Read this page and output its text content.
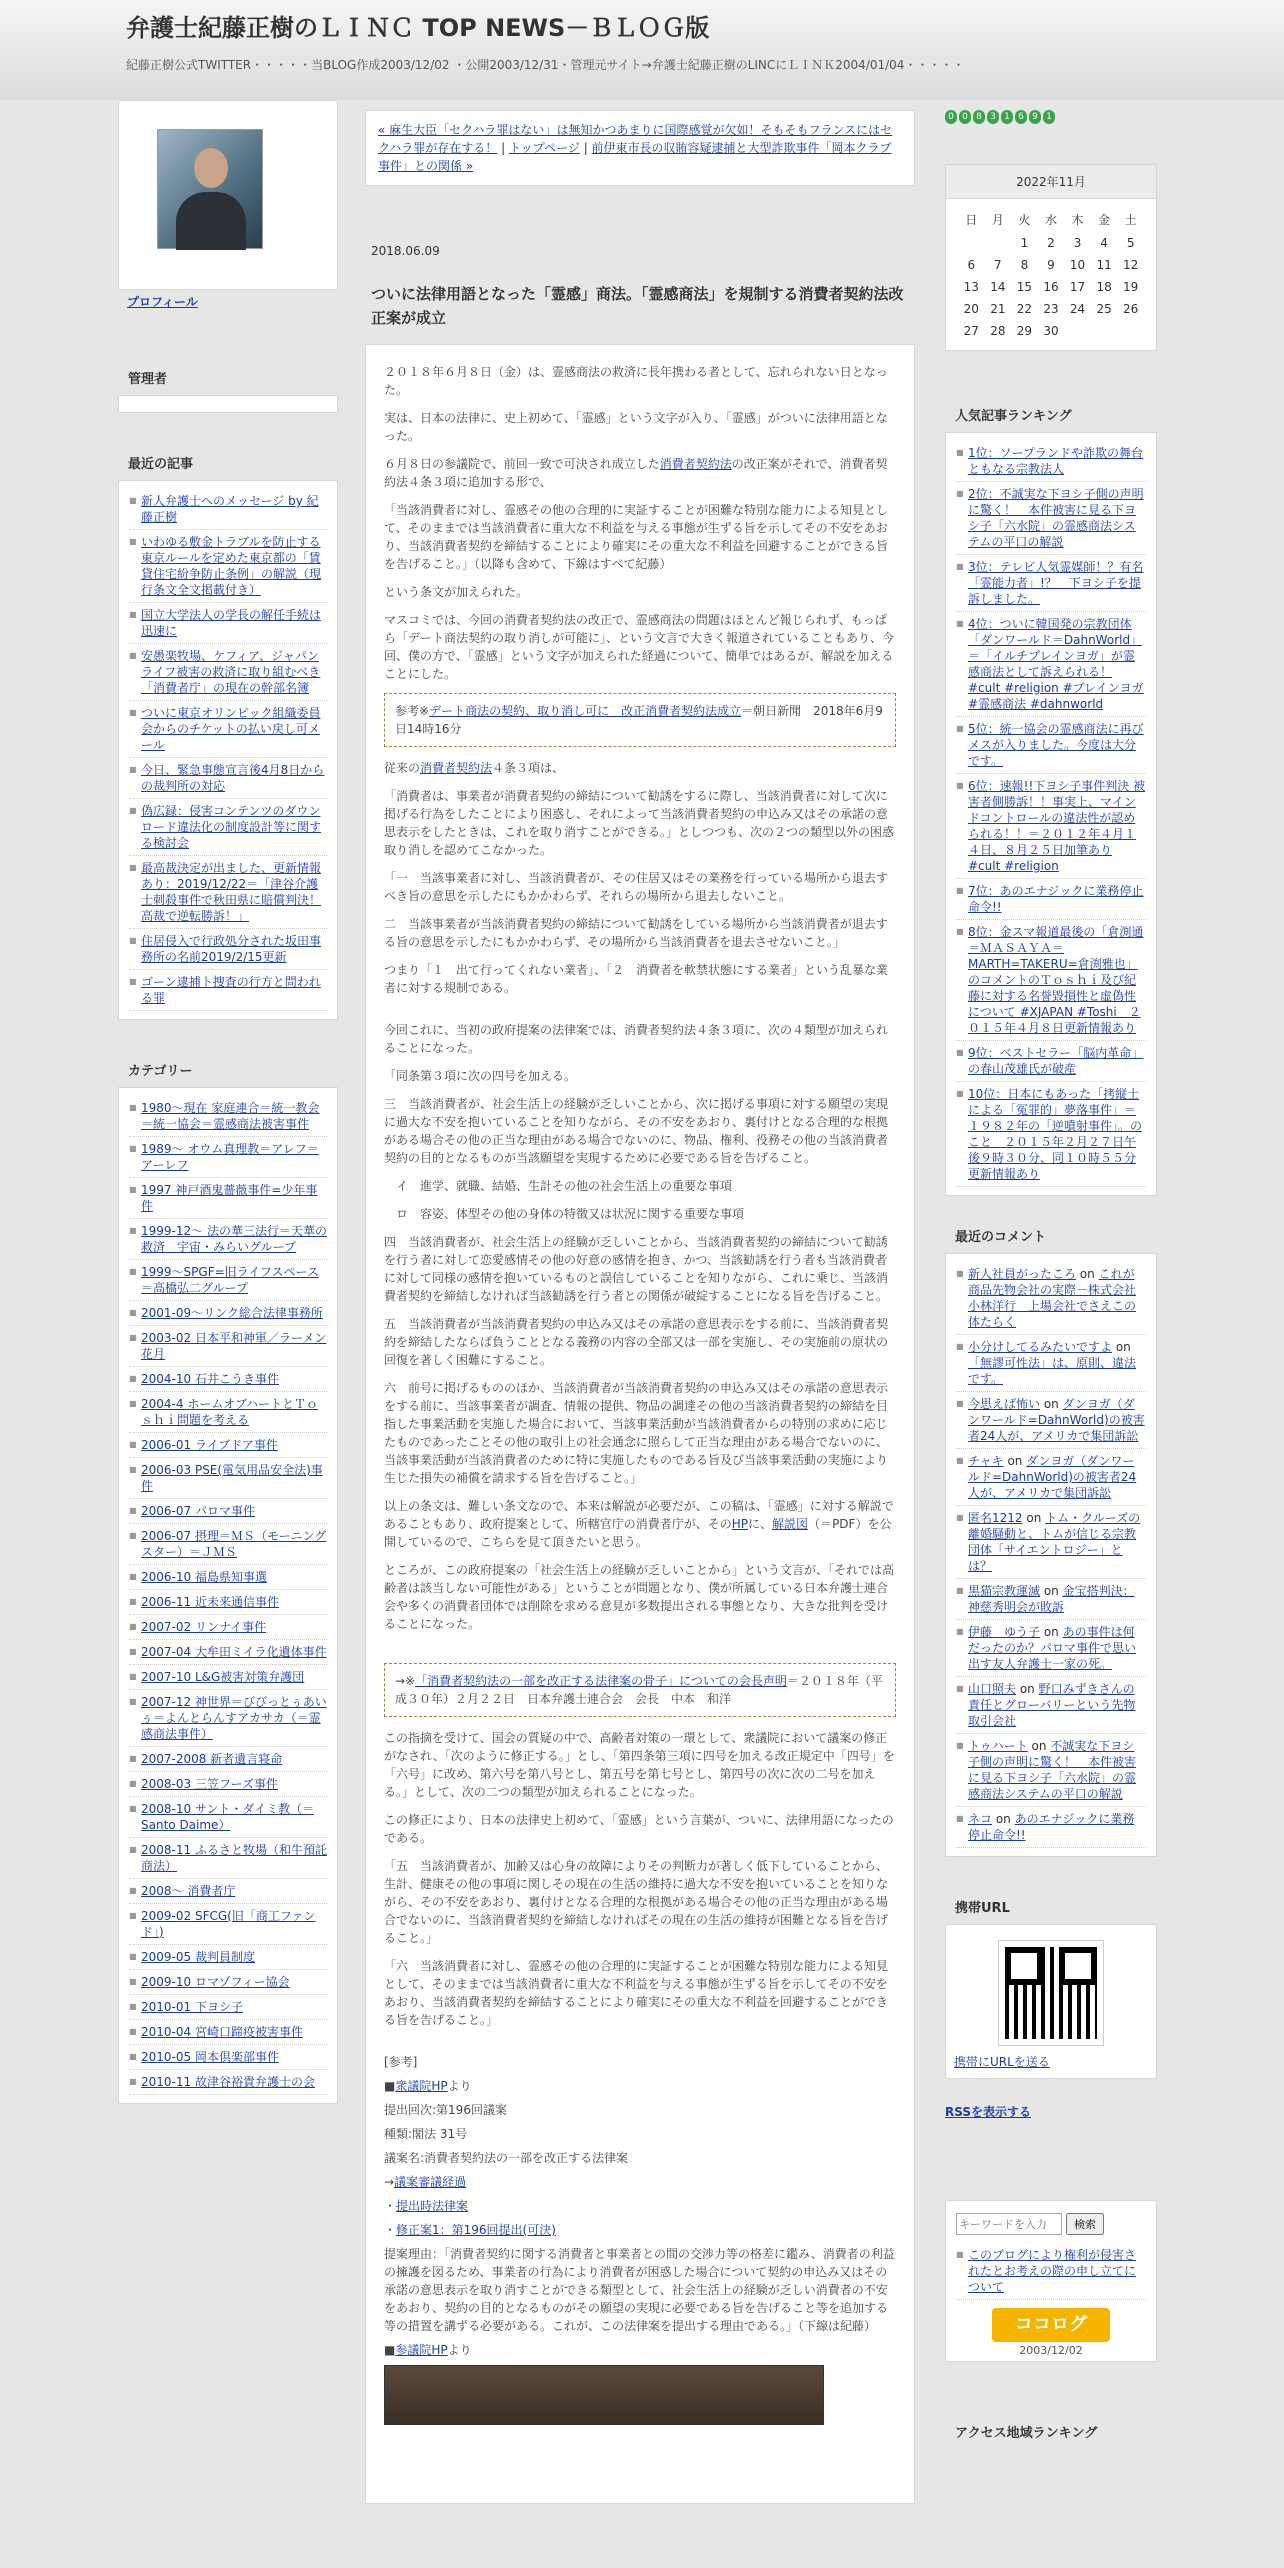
弁護士紀藤正樹のＬＩＮＣ TOP NEWS－ＢＬＯＧ版
紀藤正樹公式TWITTER・・・・・当BLOG作成2003/12/02 ・公開2003/12/31・管理元サイト→弁護士紀藤正樹のLINCにＬＩＮＫ2004/01/04・・・・・
プロフィール
管理者
最近の記事
■ 新人弁護士へのメッセージ by 紀藤正樹
■ いわゆる敷金トラブルを防止する東京ルールを定めた東京都の「賃貸住宅紛争防止条例」の解説（現行条文全文掲載付き）
■ 国立大学法人の学長の解任手続は迅速に
■ 安愚楽牧場、ケフィア、ジャパンライフ被害の救済に取り組むべき「消費者庁」の現在の幹部名簿
■ ついに東京オリンピック組織委員会からのチケットの払い戻し可メール
■ 今日、緊急事態宣言後4月8日からの裁判所の対応
■ 偽広録：侵害コンテンツのダウンロード違法化の制度設計等に関する検討会
■ 最高裁決定が出ました、更新情報あり：2019/12/22＝「津谷介護士刺殺事件で秋田県に賠償判決！高裁で逆転勝訴！」
■ 住居侵入で行政処分された坂田事務所の名前2019/2/15更新
■ ゴーン逮捕ト捜査の行方と問われる罪
カテゴリー
■ 1980～現在 家庭連合＝統一教会＝統一協会＝霊感商法被害事件
■ 1989～ オウム真理教＝アレフ＝アーレフ
■ 1997 神戸酒鬼薔薇事件=少年事件
■ 1999-12～ 法の華三法行＝天華の救済　宇宙・みらいグループ
■ 1999～SPGF=旧ライフスペース＝高橋弘二グループ
■ 2001-09～リンク総合法律事務所
■ 2003-02 日本平和神軍／ラーメン花月
■ 2004-10 石井こうき事件
■ 2004-4 ホームオブハートとＴｏｓｈｉ問題を考える
■ 2006-01 ライブドア事件
■ 2006-03 PSE(電気用品安全法)事件
■ 2006-07 パロマ事件
■ 2006-07 摂理＝ＭＳ（モーニングスター）＝ＪＭＳ
■ 2006-10 福島県知事選
■ 2006-11 近未来通信事件
■ 2007-02 リンナイ事件
■ 2007-04 大牟田ミイラ化遺体事件
■ 2007-10 L&G被害対策弁護団
■ 2007-12 神世界＝びびっとぅあいぅ＝よんとらんすアカサカ（＝霊感商法事件）
■ 2007-2008 新者遺言寝命
■ 2008-03 三笠フーズ事件
■ 2008-10 サント・ダイミ教（＝Santo Daime）
■ 2008-11 ふるさと牧場（和牛預託商法）
■ 2008～ 消費者庁
■ 2009-02 SFCG(旧「商工ファンド」)
■ 2009-05 裁判員制度
■ 2009-10 ロマゾフィー協会
■ 2010-01 下ヨシ子
■ 2010-04 宮崎口蹄疫被害事件
■ 2010-05 岡本倶楽部事件
■ 2010-11 故津谷裕貴弁護士の会
« 麻生大臣「セクハラ罪はない」は無知かつあまりに国際感覚が欠如！そもそもフランスにはセクハラ罪が存在する！ | トップページ | 前伊東市長の収賄容疑逮捕と大型詐欺事件「岡本クラブ事件」との関係 »
2018.06.09
ついに法律用語となった「霊感」商法。「霊感商法」を規制する消費者契約法改正案が成立

２０１８年６月８日（金）は、霊感商法の救済に長年携わる者として、忘れられない日となった。

実は、日本の法律に、史上初めて、「霊感」という文字が入り、「霊感」がついに法律用語となった。

６月８日の参議院で、前回一致で可決され成立した消費者契約法の改正案がそれで、消費者契約法４条３項に追加する形で、

「当該消費者に対し、霊感その他の合理的に実証することが困難な特別な能力による知見として、そのままでは当該消費者に重大な不利益を与える事態が生ずる旨を示してその不安をあおり、当該消費者契約を締結することにより確実にその重大な不利益を回避することができる旨を告げること。」（以降も含めて、下線はすべて紀藤）

という条文が加えられた。

マスコミでは、今回の消費者契約法の改正で、霊感商法の問題はほとんど報じられず、もっぱら「デート商法契約の取り消しが可能に」、という文言で大きく報道されていることもあり、今回、僕の方で、「霊感」という文字が加えられた経過について、簡単ではあるが、解説を加えることにした。

参考※デート商法の契約、取り消し可に　改正消費者契約法成立＝朝日新聞　2018年6月9日14時16分

従来の消費者契約法４条３項は、

「消費者は、事業者が消費者契約の締結について勧誘をするに際し、当該消費者に対して次に掲げる行為をしたことにより困惑し、それによって当該消費者契約の申込み又はその承諾の意思表示をしたときは、これを取り消すことができる。」としつつも、次の２つの類型以外の困惑取り消しを認めてこなかった。

「一　当該事業者に対し、当該消費者が、その住居又はその業務を行っている場所から退去すべき旨の意思を示したにもかかわらず、それらの場所から退去しないこと。

二　当該事業者が当該消費者契約の締結について勧誘をしている場所から当該消費者が退去する旨の意思を示したにもかかわらず、その場所から当該消費者を退去させないこと。」

つまり「１　出て行ってくれない業者」、「２　消費者を軟禁状態にする業者」という乱暴な業者に対する規制である。

今回これに、当初の政府提案の法律案では、消費者契約法４条３項に、次の４類型が加えられることになった。

「同条第３項に次の四号を加える。

三　当該消費者が、社会生活上の経験が乏しいことから、次に掲げる事項に対する願望の実現に過大な不安を抱いていることを知りながら、その不安をあおり、裏付けとなる合理的な根拠がある場合その他の正当な理由がある場合でないのに、物品、権利、役務その他の当該消費者契約の目的となるものが当該願望を実現するために必要である旨を告げること。

イ　進学、就職、結婚、生計その他の社会生活上の重要な事項

ロ　容姿、体型その他の身体の特徴又は状況に関する重要な事項

四　当該消費者が、社会生活上の経験が乏しいことから、当該消費者契約の締結について勧誘を行う者に対して恋愛感情その他の好意の感情を抱き、かつ、当該勧誘を行う者も当該消費者に対して同様の感情を抱いているものと誤信していることを知りながら、これに乗じ、当該消費者契約を締結しなければ当該勧誘を行う者との関係が破綻することになる旨を告げること。

五　当該消費者が当該消費者契約の申込み又はその承諾の意思表示をする前に、当該消費者契約を締結したならば負うこととなる義務の内容の全部又は一部を実施し、その実施前の原状の回復を著しく困難にすること。

六　前号に掲げるもののほか、当該消費者が当該消費者契約の申込み又はその承諾の意思表示をする前に、当該事業者が調査、情報の提供、物品の調達その他の当該消費者契約の締結を目指した事業活動を実施した場合において、当該事業活動が当該消費者からの特別の求めに応じたものであったことその他の取引上の社会通念に照らして正当な理由がある場合でないのに、当該事業活動が当該消費者のために特に実施したものである旨及び当該事業活動の実施により生じた損失の補償を請求する旨を告げること。」

以上の条文は、難しい条文なので、本来は解説が必要だが、この稿は、「霊感」に対する解説であることもあり、政府提案として、所轄官庁の消費者庁が、そのHPに、解説図（＝PDF）を公開しているので、こちらを見て頂きたいと思う。

ところが、この政府提案の「社会生活上の経験が乏しいことから」という文言が、「それでは高齢者は該当しない可能性がある」ということが問題となり、僕が所属している日本弁護士連合会や多くの消費者団体では削除を求める意見が多数提出される事態となり、大きな批判を受けることになった。

→※「消費者契約法の一部を改正する法律案の骨子」についての会長声明＝２０１８年（平成３０年）２月２２日　日本弁護士連合会　会長　中本　和洋

この指摘を受けて、国会の質疑の中で、高齢者対策の一環として、衆議院において議案の修正がなされ、「次のように修正する。」とし、「第四条第三項に四号を加える改正規定中「四号」を「六号」に改め、第六号を第八号とし、第五号を第七号とし、第四号の次に次の二号を加える。」として、次の二つの類型が加えられることになった。

この修正により、日本の法律史上初めて、「霊感」という言葉が、ついに、法律用語になったのである。

「五　当該消費者が、加齢又は心身の故障によりその判断力が著しく低下していることから、生計、健康その他の事項に関しその現在の生活の維持に過大な不安を抱いていることを知りながら、その不安をあおり、裏付けとなる合理的な根拠がある場合その他の正当な理由がある場合でないのに、当該消費者契約を締結しなければその現在の生活の維持が困難となる旨を告げること。」

「六　当該消費者に対し、霊感その他の合理的に実証することが困難な特別な能力による知見として、そのままでは当該消費者に重大な不利益を与える事態が生ずる旨を示してその不安をあおり、当該消費者契約を締結することにより確実にその重大な不利益を回避することができる旨を告げること。」

[参考]

■衆議院HPより

提出回次:第196回議案

種類:閣法 31号

議案名:消費者契約法の一部を改正する法律案

→議案審議経過

・提出時法律案

・修正案1：第196回提出(可決)

提案理由：「消費者契約に関する消費者と事業者との間の交渉力等の格差に鑑み、消費者の利益の擁護を図るため、事業者の行為により消費者が困惑した場合について契約の申込み又はその承諾の意思表示を取り消すことができる類型として、社会生活上の経験が乏しい消費者の不安をあおり、契約の目的となるものがその願望の実現に必要である旨を告げること等を追加する等の措置を講ずる必要がある。これが、この法律案を提出する理由である。」（下線は紀藤）

■参議院HPより

0 0 8 3 1 6 9 1
2022年11月
日	月	火	水	木	金	土
		1	2	3	4	5
6	7	8	9	10	11	12
13	14	15	16	17	18	19
20	21	22	23	24	25	26
27	28	29	30			
人気記事ランキング
■ 1位：ソープランドや詐欺の舞台ともなる宗教法人
■ 2位：不誠実な下ヨシ子側の声明に驚く！　本件被害に見る下ヨシ子「六水院」の霊感商法システムの平口の解説
■ 3位：テレビ人気霊媒師！？有名「霊能力者」!？　下ヨシ子を提訴しました。
■ 4位：ついに韓国発の宗教団体「ダンワールド＝DahnWorld」＝「イルチブレインヨガ」が霊感商法として訴えられる！ #cult #religion #ブレインヨガ #霊感商法 #dahnworld
■ 5位：統一協会の霊感商法に再びメスが入りました。今度は大分です。
■ 6位：速報!!下ヨシ子事件判決 被害者側勝訴！！事実上、マインドコントロールの違法性が認められる！！＝２０１２年４月１４日、８月２５日加筆あり #cult #religion
■ 7位：あのエナジックに業務停止命令!!
■ 8位：金スマ報道最後の「倉渕通＝ＭＡＳＡＹＡ＝MARTH=TAKERU=倉渕雅也」のコメントのＴｏｓｈｉ及び紀藤に対する名誉毀損性と虚偽性について #XJAPAN #Toshi　２０１５年４月８日更新情報あり
■ 9位：ベストセラー「脳内革命」の春山茂雄氏が破産
■ 10位：日本にもあった「拷縦士による「冤罪的」夢落事件」＝１９８２年の「逆噴射事件」。のこと　２０１５年２月２７日午後９時３０分、同１０時５５分更新情報あり
最近のコメント
■ 新人社員がったころ on これが商品先物会社の実際－株式会社小林洋行　上場会社でさえこの体たらく
■ 小分けしてるみたいですよ on 「無謬可性法」は、原則、違法です。
■ 今思えば怖い on ダンヨガ（ダンワールド=DahnWorld)の被害者24人が、アメリカで集団訴訟
■ チャキ on ダンヨガ（ダンワールド=DahnWorld)の被害者24人が、アメリカで集団訴訟
■ 匿名1212 on トム・クルーズの離婚騒動と、トムが信じる宗教団体「サイエントロジー」とは？
■ 黒猫宗教運滅 on 金宝搭判決：神慈秀明会が敗訴
■ 伊藤　ゆう子 on あの事件は何だったのか？パロマ事件で思い出す友人弁護士一家の死。
■ 山口照夫 on 野口みずきさんの責任とグローバリーという先物取引会社
■ トゥハート on 不誠実な下ヨシ子側の声明に驚く！　本件被害に見る下ヨシ子「六水院」の霊感商法システムの平口の解説
■ ネコ on あのエナジックに業務停止命令!!
携帯URL
携帯にURLを送る
RSSを表示する
キーワードを入力
検索
■ このブログにより権利が侵害されたとお考えの際の申し立てについて
ココログ
2003/12/02
アクセス地域ランキング
